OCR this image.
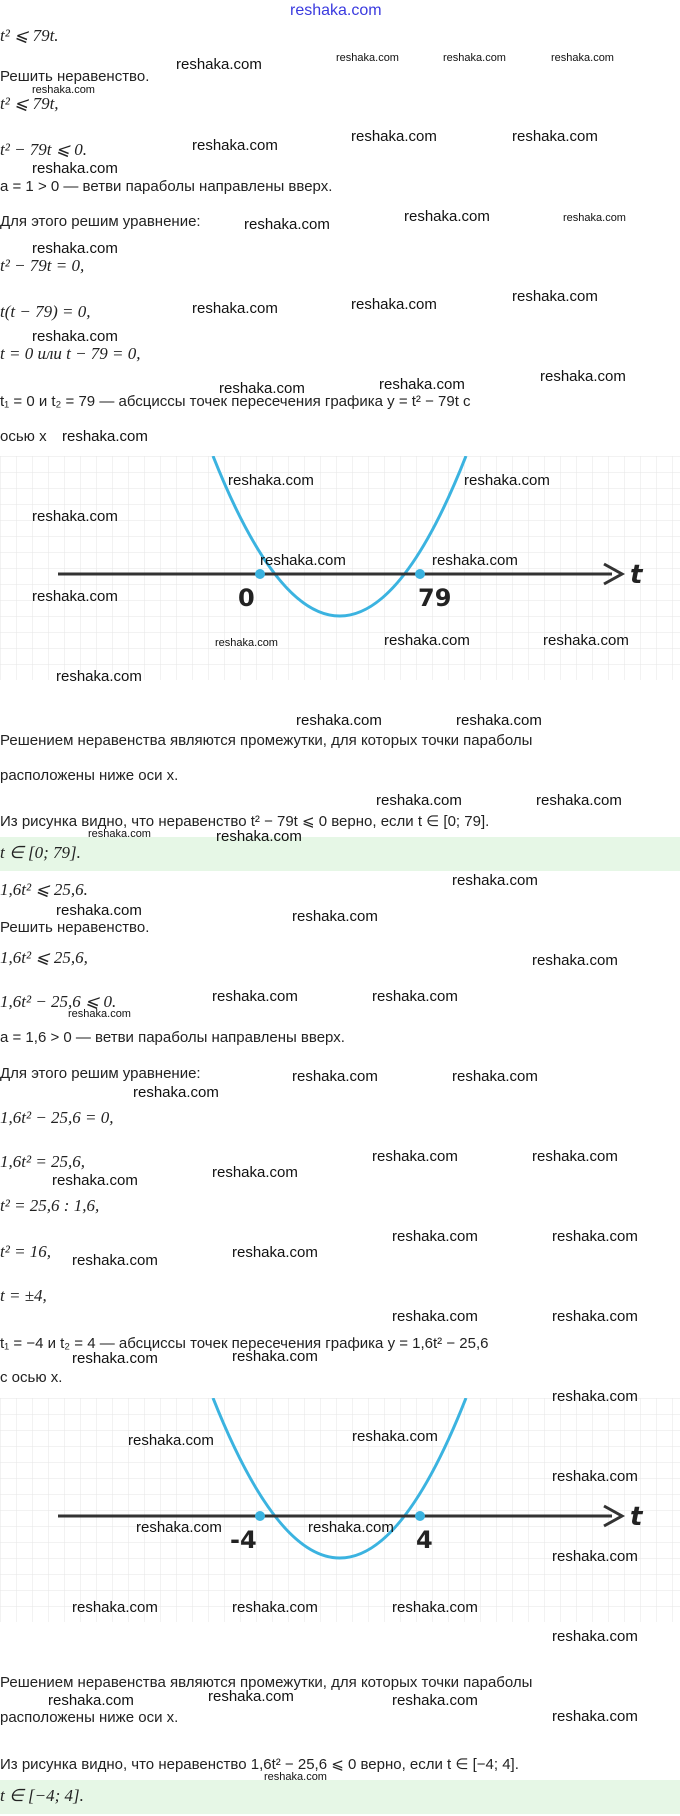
reshaka.com
t² ⩽ 79t.
Решить неравенство.
t² ⩽ 79t,
t² − 79t ⩽ 0.
a = 1 > 0 — ветви параболы направлены вверх.
Для этого решим уравнение:
t² − 79t = 0,
t(t − 79) = 0,
t = 0 или t − 79 = 0,
t₁ = 0 и t₂ = 79 — абсциссы точек пересечения графика y = t² − 79t с
осью x
t
0	79
Решением неравенства являются промежутки, для которых точки параболы
расположены ниже оси x.
Из рисунка видно, что неравенство t² − 79t ⩽ 0 верно, если t ∈ [0; 79].
t ∈ [0; 79].
1,6t² ⩽ 25,6.
Решить неравенство.
1,6t² ⩽ 25,6,
1,6t² − 25,6 ⩽ 0.
a = 1,6 > 0 — ветви параболы направлены вверх.
Для этого решим уравнение:
1,6t² − 25,6 = 0,
1,6t² = 25,6,
t² = 25,6 : 1,6,
t² = 16,
t = ±4,
t₁ = −4 и t₂ = 4 — абсциссы точек пересечения графика y = 1,6t² − 25,6
с осью x.
t
-4	4
Решением неравенства являются промежутки, для которых точки параболы
расположены ниже оси x.
Из рисунка видно, что неравенство 1,6t² − 25,6 ⩽ 0 верно, если t ∈ [−4; 4].
t ∈ [−4; 4].
reshaka.com	reshaka.com	reshaka.com	reshaka.com
reshaka.com
reshaka.com
reshaka.com	reshaka.com
reshaka.com
reshaka.com	reshaka.com	reshaka.com
reshaka.com
reshaka.com	reshaka.com	reshaka.com
reshaka.com
reshaka.com	reshaka.com	reshaka.com
reshaka.com
reshaka.com	reshaka.com
reshaka.com
reshaka.com	reshaka.com
reshaka.com
reshaka.com	reshaka.com	reshaka.com
reshaka.com
reshaka.com	reshaka.com
reshaka.com	reshaka.com
reshaka.com	reshaka.com
reshaka.com
reshaka.com	reshaka.com
reshaka.com
reshaka.com	reshaka.com
reshaka.com
reshaka.com	reshaka.com
reshaka.com
reshaka.com	reshaka.com
reshaka.com
reshaka.com
reshaka.com	reshaka.com
reshaka.com
reshaka.com
reshaka.com	reshaka.com
reshaka.com
reshaka.com
reshaka.com
reshaka.com	reshaka.com
reshaka.com
reshaka.com	reshaka.com
reshaka.com
reshaka.com	reshaka.com	reshaka.com
reshaka.com
reshaka.com	reshaka.com	reshaka.com
reshaka.com
reshaka.com
